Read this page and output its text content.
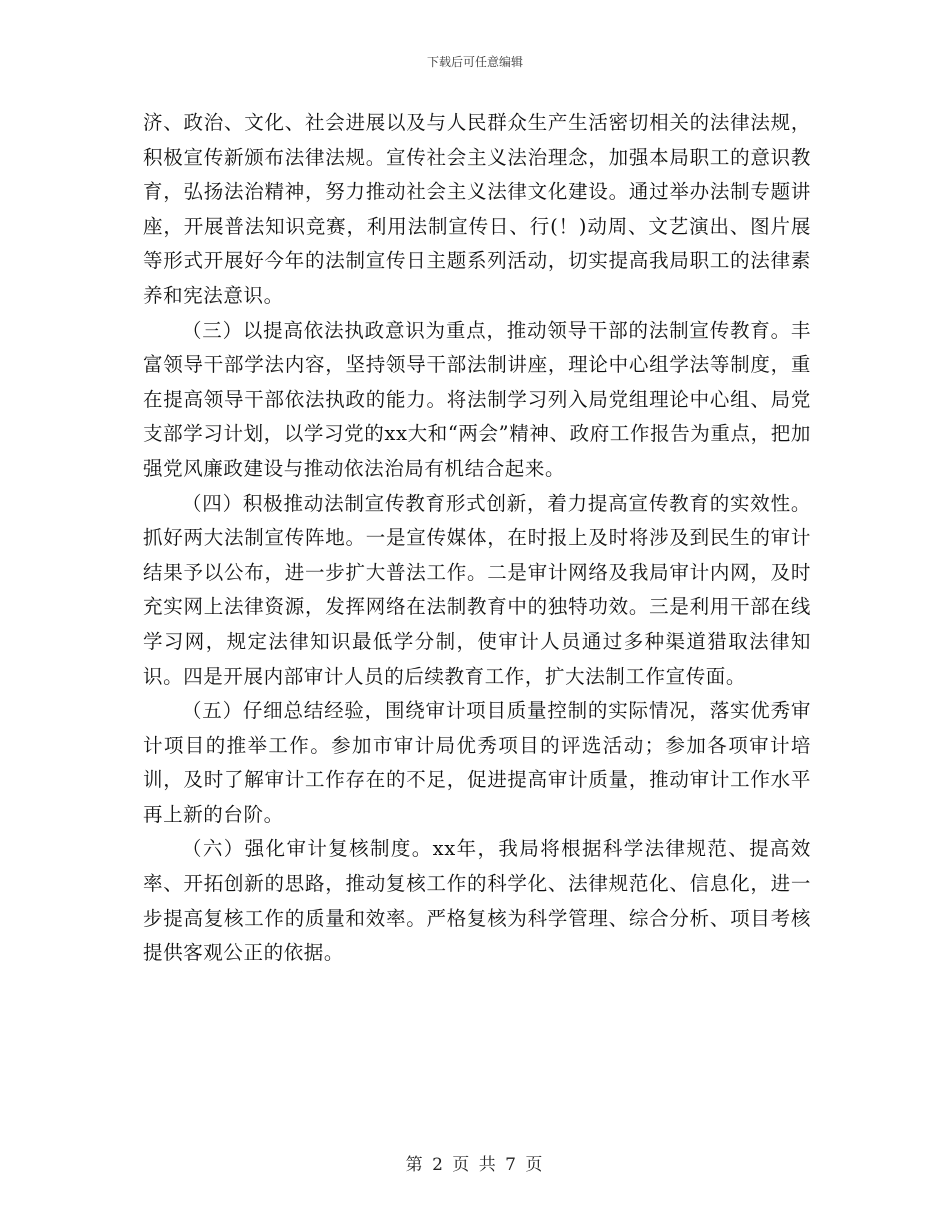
下载后可任意编辑

济、政治、文化、社会进展以及与人民群众生产生活密切相关的法律法规，积极宣传新颁布法律法规。宣传社会主义法治理念，加强本局职工的意识教育，弘扬法治精神，努力推动社会主义法律文化建设。通过举办法制专题讲座，开展普法知识竞赛，利用法制宣传日、行(！)动周、文艺演出、图片展等形式开展好今年的法制宣传日主题系列活动，切实提高我局职工的法律素养和宪法意识。

（三）以提高依法执政意识为重点，推动领导干部的法制宣传教育。丰富领导干部学法内容，坚持领导干部法制讲座，理论中心组学法等制度，重在提高领导干部依法执政的能力。将法制学习列入局党组理论中心组、局党支部学习计划，以学习党的xx大和“两会”精神、政府工作报告为重点，把加强党风廉政建设与推动依法治局有机结合起来。

（四）积极推动法制宣传教育形式创新，着力提高宣传教育的实效性。抓好两大法制宣传阵地。一是宣传媒体，在时报上及时将涉及到民生的审计结果予以公布，进一步扩大普法工作。二是审计网络及我局审计内网，及时充实网上法律资源，发挥网络在法制教育中的独特功效。三是利用干部在线学习网，规定法律知识最低学分制，使审计人员通过多种渠道猎取法律知识。四是开展内部审计人员的后续教育工作，扩大法制工作宣传面。

（五）仔细总结经验，围绕审计项目质量控制的实际情况，落实优秀审计项目的推举工作。参加市审计局优秀项目的评选活动；参加各项审计培训，及时了解审计工作存在的不足，促进提高审计质量，推动审计工作水平再上新的台阶。

（六）强化审计复核制度。xx年，我局将根据科学法律规范、提高效率、开拓创新的思路，推动复核工作的科学化、法律规范化、信息化，进一步提高复核工作的质量和效率。严格复核为科学管理、综合分析、项目考核提供客观公正的依据。

第 2 页 共 7 页
